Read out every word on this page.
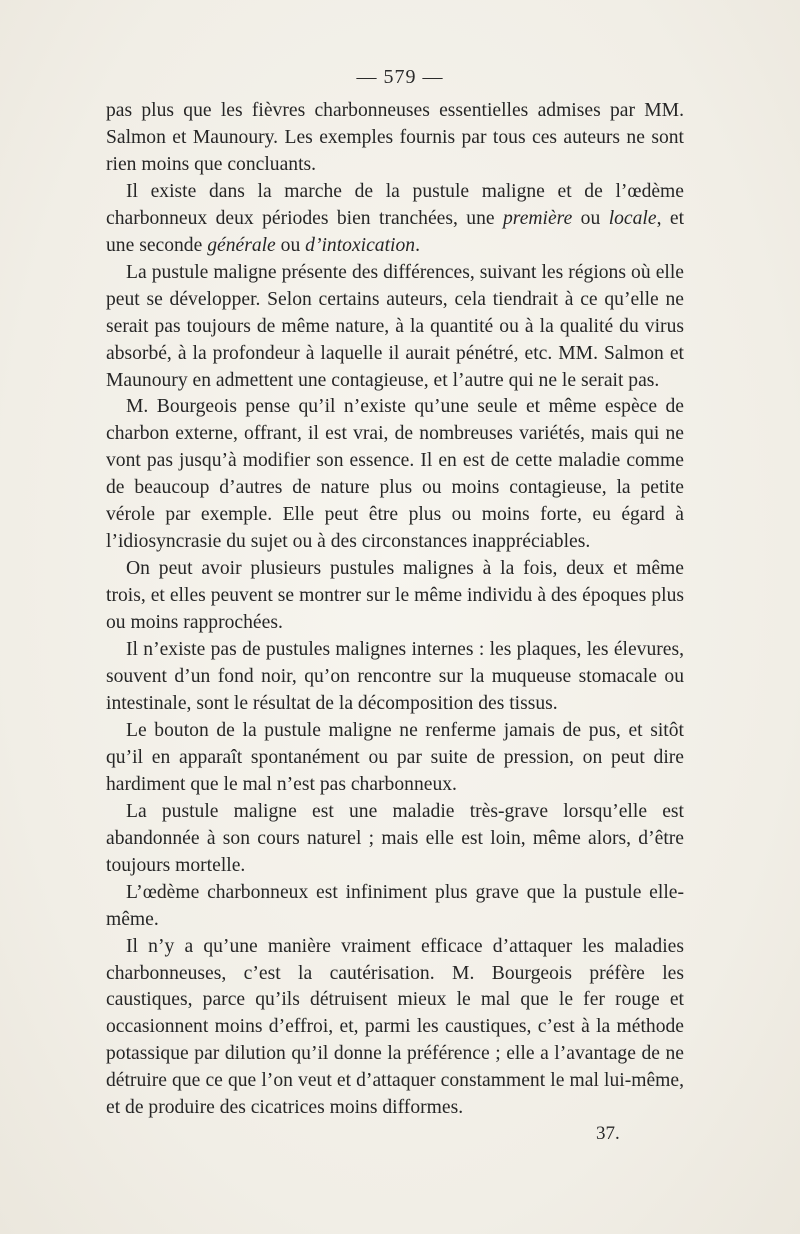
— 579 —

pas plus que les fièvres charbonneuses essentielles admises par MM. Salmon et Maunoury. Les exemples fournis par tous ces auteurs ne sont rien moins que concluants.

Il existe dans la marche de la pustule maligne et de l’œdème charbonneux deux périodes bien tranchées, une première ou locale, et une seconde générale ou d’intoxication.

La pustule maligne présente des différences, suivant les régions où elle peut se développer. Selon certains auteurs, cela tiendrait à ce qu’elle ne serait pas toujours de même nature, à la quantité ou à la qualité du virus absorbé, à la profondeur à laquelle il aurait pénétré, etc. MM. Salmon et Maunoury en admettent une contagieuse, et l’autre qui ne le serait pas.

M. Bourgeois pense qu’il n’existe qu’une seule et même espèce de charbon externe, offrant, il est vrai, de nombreuses variétés, mais qui ne vont pas jusqu’à modifier son essence. Il en est de cette maladie comme de beaucoup d’autres de nature plus ou moins contagieuse, la petite vérole par exemple. Elle peut être plus ou moins forte, eu égard à l’idiosyncrasie du sujet ou à des circonstances inappréciables.

On peut avoir plusieurs pustules malignes à la fois, deux et même trois, et elles peuvent se montrer sur le même individu à des époques plus ou moins rapprochées.

Il n’existe pas de pustules malignes internes : les plaques, les élevures, souvent d’un fond noir, qu’on rencontre sur la muqueuse stomacale ou intestinale, sont le résultat de la décomposition des tissus.

Le bouton de la pustule maligne ne renferme jamais de pus, et sitôt qu’il en apparaît spontanément ou par suite de pression, on peut dire hardiment que le mal n’est pas charbonneux.

La pustule maligne est une maladie très-grave lorsqu’elle est abandonnée à son cours naturel ; mais elle est loin, même alors, d’être toujours mortelle.

L’œdème charbonneux est infiniment plus grave que la pustule elle-même.

Il n’y a qu’une manière vraiment efficace d’attaquer les maladies charbonneuses, c’est la cautérisation. M. Bourgeois préfère les caustiques, parce qu’ils détruisent mieux le mal que le fer rouge et occasionnent moins d’effroi, et, parmi les caustiques, c’est à la méthode potassique par dilution qu’il donne la préférence ; elle a l’avantage de ne détruire que ce que l’on veut et d’attaquer constamment le mal lui-même, et de produire des cicatrices moins difformes.

37.
